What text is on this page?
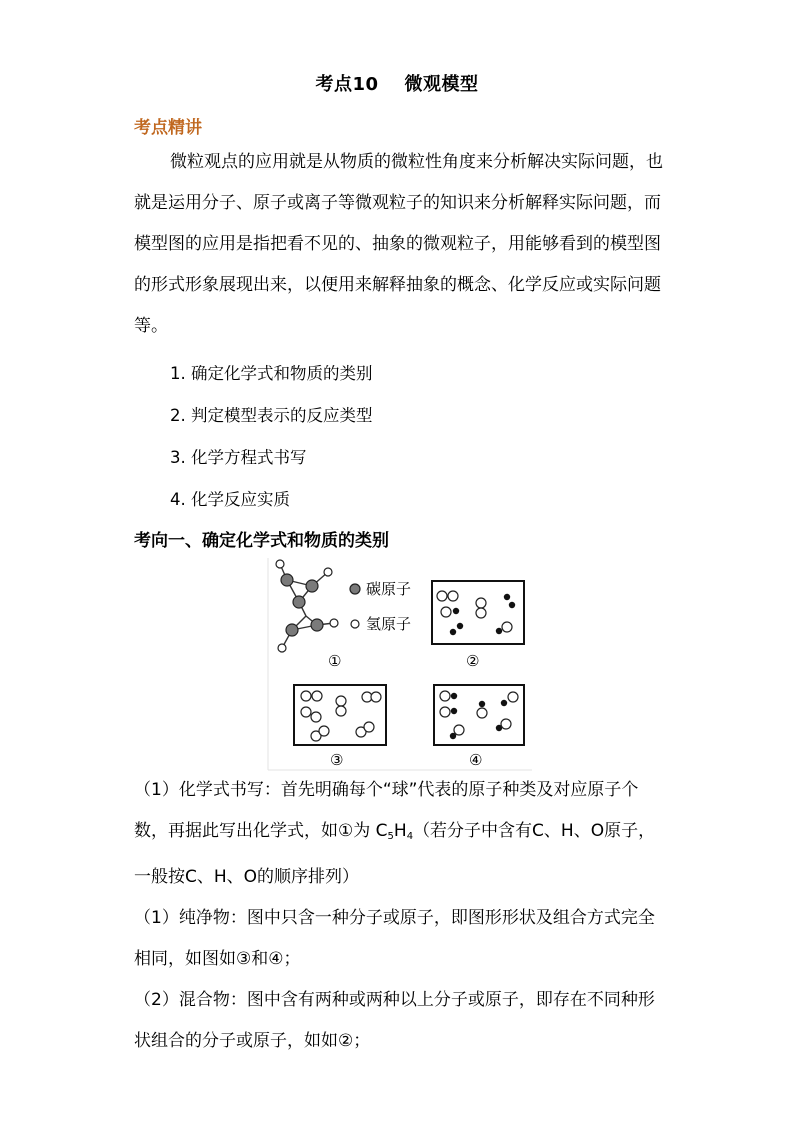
考点10 微观模型
考点精讲
微粒观点的应用就是从物质的微粒性角度来分析解决实际问题，也就是运用分子、原子或离子等微观粒子的知识来分析解释实际问题，而模型图的应用是指把看不见的、抽象的微观粒子，用能够看到的模型图的形式形象展现出来，以便用来解释抽象的概念、化学反应或实际问题等。
1. 确定化学式和物质的类别
2. 判定模型表示的反应类型
3. 化学方程式书写
4. 化学反应实质
考向一、确定化学式和物质的类别
碳原子
氢原子
①	②
③	④

（1）化学式书写：首先明确每个“球”代表的原子种类及对应原子个数，再据此写出化学式，如①为 $C_5H_4$（若分子中含有C、H、O原子，一般按C、H、O的顺序排列）

（1）纯净物：图中只含一种分子或原子，即图形形状及组合方式完全相同，如图如③和④；

（2）混合物：图中含有两种或两种以上分子或原子，即存在不同种形状组合的分子或原子，如如②；
